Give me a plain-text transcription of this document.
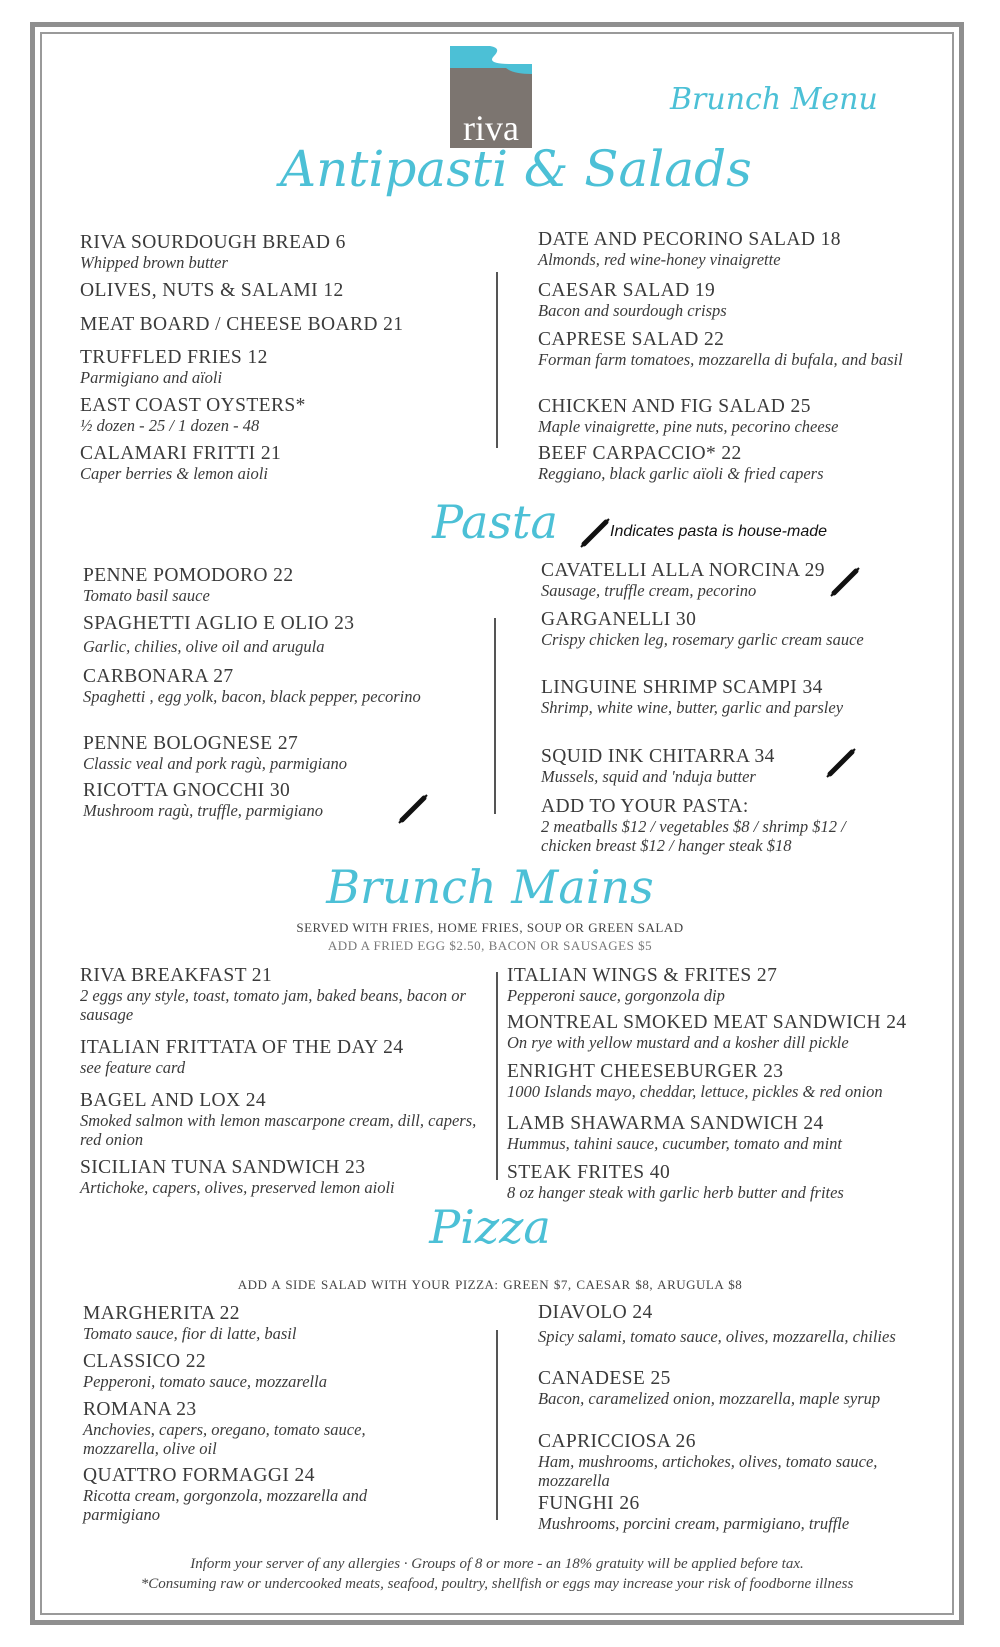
riva
Brunch Menu
Antipasti & Salads
RIVA SOURDOUGH BREAD 6
Whipped brown butter
OLIVES, NUTS & SALAMI 12
MEAT BOARD / CHEESE BOARD 21
TRUFFLED FRIES 12
Parmigiano and aïoli
EAST COAST OYSTERS*
½ dozen - 25 / 1 dozen - 48
CALAMARI FRITTI 21
Caper berries & lemon aioli
DATE AND PECORINO SALAD 18
Almonds, red wine-honey vinaigrette
CAESAR SALAD 19
Bacon and sourdough crisps
CAPRESE SALAD 22
Forman farm tomatoes, mozzarella di bufala, and basil
CHICKEN AND FIG SALAD 25
Maple vinaigrette, pine nuts, pecorino cheese
BEEF CARPACCIO* 22
Reggiano, black garlic aïoli & fried capers
Pasta	Indicates pasta is house-made
PENNE POMODORO 22
Tomato basil sauce
SPAGHETTI AGLIO E OLIO 23
Garlic, chilies, olive oil and arugula
CARBONARA 27
Spaghetti , egg yolk, bacon, black pepper, pecorino
PENNE BOLOGNESE 27
Classic veal and pork ragù, parmigiano
RICOTTA GNOCCHI 30
Mushroom ragù, truffle, parmigiano
CAVATELLI ALLA NORCINA 29
Sausage, truffle cream, pecorino
GARGANELLI 30
Crispy chicken leg, rosemary garlic cream sauce
LINGUINE SHRIMP SCAMPI 34
Shrimp, white wine, butter, garlic and parsley
SQUID INK CHITARRA 34
Mussels, squid and 'nduja butter
ADD TO YOUR PASTA:
2 meatballs $12 / vegetables $8 / shrimp $12 / chicken breast $12 / hanger steak $18
Brunch Mains
SERVED WITH FRIES, HOME FRIES, SOUP OR GREEN SALAD
ADD A FRIED EGG $2.50, BACON OR SAUSAGES $5
RIVA BREAKFAST 21
2 eggs any style, toast, tomato jam, baked beans, bacon or sausage
ITALIAN FRITTATA OF THE DAY 24
see feature card
BAGEL AND LOX 24
Smoked salmon with lemon mascarpone cream, dill, capers, red onion
SICILIAN TUNA SANDWICH 23
Artichoke, capers, olives, preserved lemon aioli
ITALIAN WINGS & FRITES 27
Pepperoni sauce, gorgonzola dip
MONTREAL SMOKED MEAT SANDWICH 24
On rye with yellow mustard and a kosher dill pickle
ENRIGHT CHEESEBURGER 23
1000 Islands mayo, cheddar, lettuce, pickles & red onion
LAMB SHAWARMA SANDWICH 24
Hummus, tahini sauce, cucumber, tomato and mint
STEAK FRITES 40
8 oz hanger steak with garlic herb butter and frites
Pizza
ADD A SIDE SALAD WITH YOUR PIZZA: GREEN $7, CAESAR $8, ARUGULA $8
MARGHERITA 22
Tomato sauce, fior di latte, basil
CLASSICO 22
Pepperoni, tomato sauce, mozzarella
ROMANA 23
Anchovies, capers, oregano, tomato sauce, mozzarella, olive oil
QUATTRO FORMAGGI 24
Ricotta cream, gorgonzola, mozzarella and parmigiano
DIAVOLO 24
Spicy salami, tomato sauce, olives, mozzarella, chilies
CANADESE 25
Bacon, caramelized onion, mozzarella, maple syrup
CAPRICCIOSA 26
Ham, mushrooms, artichokes, olives, tomato sauce, mozzarella
FUNGHI 26
Mushrooms, porcini cream, parmigiano, truffle
Inform your server of any allergies · Groups of 8 or more - an 18% gratuity will be applied before tax.
*Consuming raw or undercooked meats, seafood, poultry, shellfish or eggs may increase your risk of foodborne illness
